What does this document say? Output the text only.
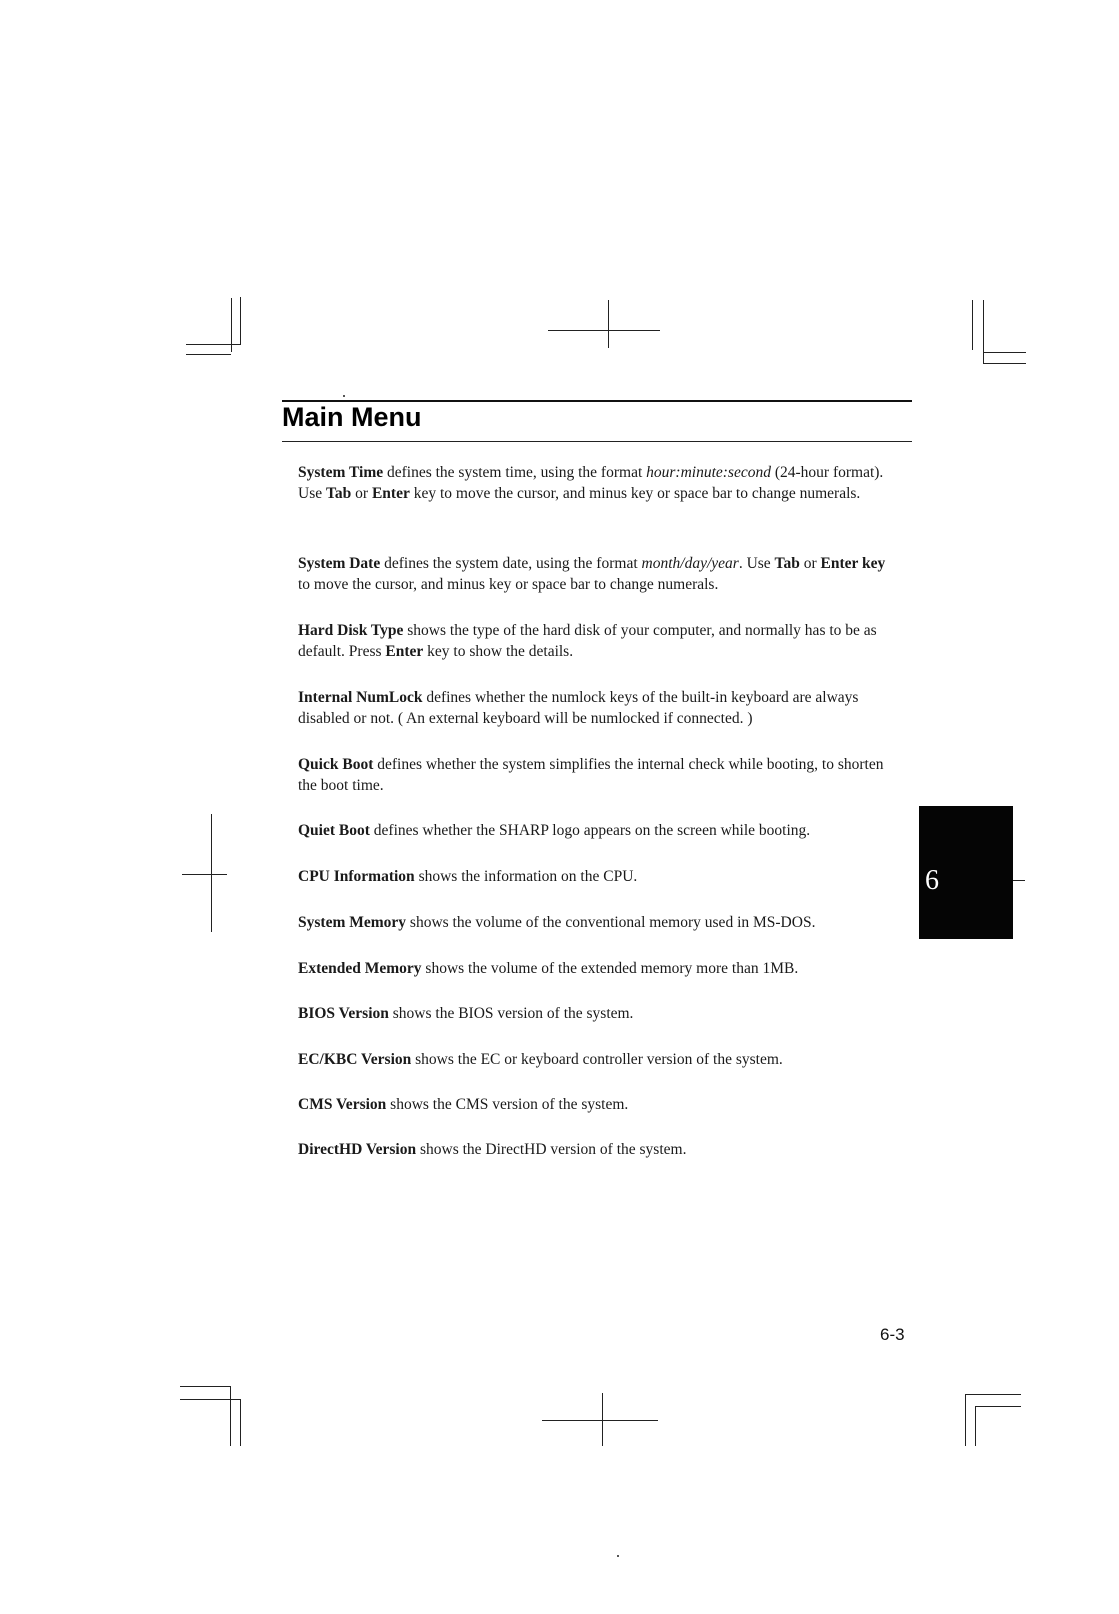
Main Menu

System Time defines the system time, using the format hour:minute:second (24-hour format). Use Tab or Enter key to move the cursor, and minus key or space bar to change numerals.

System Date defines the system date, using the format month/day/year. Use Tab or Enter key to move the cursor, and minus key or space bar to change numerals.

Hard Disk Type shows the type of the hard disk of your computer, and normally has to be as default. Press Enter key to show the details.

Internal NumLock defines whether the numlock keys of the built-in keyboard are always disabled or not. ( An external keyboard will be numlocked if connected. )

Quick Boot defines whether the system simplifies the internal check while booting, to shorten the boot time.

Quiet Boot defines whether the SHARP logo appears on the screen while booting.

CPU Information shows the information on the CPU.

System Memory shows the volume of the conventional memory used in MS-DOS.

Extended Memory shows the volume of the extended memory more than 1MB.

BIOS Version shows the BIOS version of the system.

EC/KBC Version shows the EC or keyboard controller version of the system.

CMS Version shows the CMS version of the system.

DirectHD Version shows the DirectHD version of the system.

6
6-3
